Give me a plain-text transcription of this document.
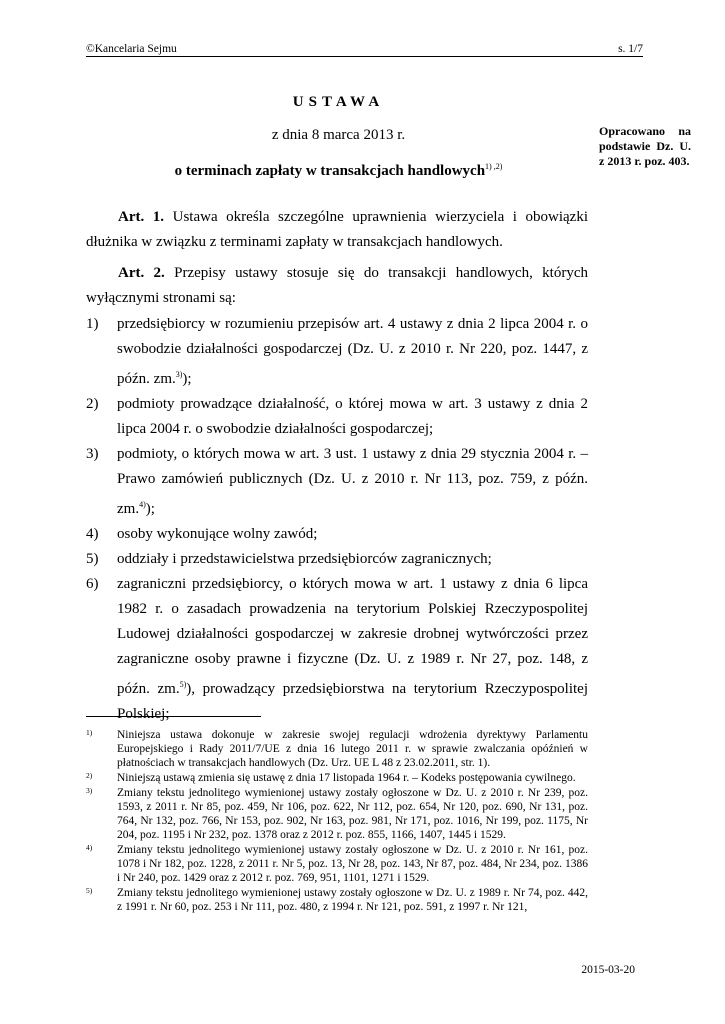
©Kancelaria Sejmu	s. 1/7
USTAWA
z dnia 8 marca 2013 r.
o terminach zapłaty w transakcjach handlowych$^{1) ,2)}$
Opracowano na podstawie Dz. U. z 2013 r. poz. 403.
Art. 1. Ustawa określa szczególne uprawnienia wierzyciela i obowiązki dłużnika w związku z terminami zapłaty w transakcjach handlowych.
Art. 2. Przepisy ustawy stosuje się do transakcji handlowych, których wyłącznymi stronami są:
1)	przedsiębiorcy w rozumieniu przepisów art. 4 ustawy z dnia 2 lipca 2004 r. o swobodzie działalności gospodarczej (Dz. U. z 2010 r. Nr 220, poz. 1447, z późn. zm.$^{3)}$);
2)	podmioty prowadzące działalność, o której mowa w art. 3 ustawy z dnia 2 lipca 2004 r. o swobodzie działalności gospodarczej;
3)	podmioty, o których mowa w art. 3 ust. 1 ustawy z dnia 29 stycznia 2004 r. – Prawo zamówień publicznych (Dz. U. z 2010 r. Nr 113, poz. 759, z późn. zm.$^{4)}$);
4)	osoby wykonujące wolny zawód;
5)	oddziały i przedstawicielstwa przedsiębiorców zagranicznych;
6)	zagraniczni przedsiębiorcy, o których mowa w art. 1 ustawy z dnia 6 lipca 1982 r. o zasadach prowadzenia na terytorium Polskiej Rzeczypospolitej Ludowej działalności gospodarczej w zakresie drobnej wytwórczości przez zagraniczne osoby prawne i fizyczne (Dz. U. z 1989 r. Nr 27, poz. 148, z późn. zm.$^{5)}$), prowadzący przedsiębiorstwa na terytorium Rzeczypospolitej Polskiej;
1)	Niniejsza ustawa dokonuje w zakresie swojej regulacji wdrożenia dyrektywy Parlamentu Europejskiego i Rady 2011/7/UE z dnia 16 lutego 2011 r. w sprawie zwalczania opóźnień w płatnościach w transakcjach handlowych (Dz. Urz. UE L 48 z 23.02.2011, str. 1).
2)	Niniejszą ustawą zmienia się ustawę z dnia 17 listopada 1964 r. – Kodeks postępowania cywilnego.
3)	Zmiany tekstu jednolitego wymienionej ustawy zostały ogłoszone w Dz. U. z 2010 r. Nr 239, poz. 1593, z 2011 r. Nr 85, poz. 459, Nr 106, poz. 622, Nr 112, poz. 654, Nr 120, poz. 690, Nr 131, poz. 764, Nr 132, poz. 766, Nr 153, poz. 902, Nr 163, poz. 981, Nr 171, poz. 1016, Nr 199, poz. 1175, Nr 204, poz. 1195 i Nr 232, poz. 1378 oraz z 2012 r. poz. 855, 1166, 1407, 1445 i 1529.
4)	Zmiany tekstu jednolitego wymienionej ustawy zostały ogłoszone w Dz. U. z 2010 r. Nr 161, poz. 1078 i Nr 182, poz. 1228, z 2011 r. Nr 5, poz. 13, Nr 28, poz. 143, Nr 87, poz. 484, Nr 234, poz. 1386 i Nr 240, poz. 1429 oraz z 2012 r. poz. 769, 951, 1101, 1271 i 1529.
5)	Zmiany tekstu jednolitego wymienionej ustawy zostały ogłoszone w Dz. U. z 1989 r. Nr 74, poz. 442, z 1991 r. Nr 60, poz. 253 i Nr 111, poz. 480, z 1994 r. Nr 121, poz. 591, z 1997 r. Nr 121,
2015-03-20
